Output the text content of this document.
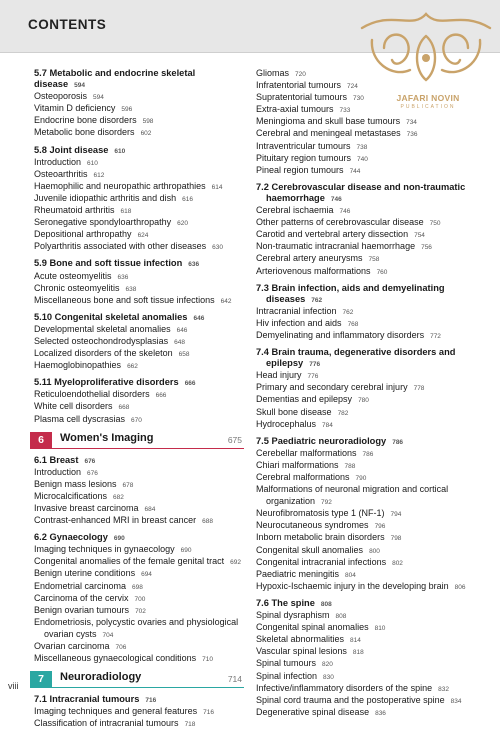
CONTENTS
JAFARI NOVIN
PUBLICATION
5.7 Metabolic and endocrine skeletal disease 594
Osteoporosis 594
Vitamin D deficiency 596
Endocrine bone disorders 598
Metabolic bone disorders 602
5.8 Joint disease 610
Introduction 610
Osteoarthritis 612
Haemophilic and neuropathic arthropathies 614
Juvenile idiopathic arthritis and dish 616
Rheumatoid arthritis 618
Seronegative spondyloarthropathy 620
Depositional arthropathy 624
Polyarthritis associated with other diseases 630
5.9 Bone and soft tissue infection 636
Acute osteomyelitis 636
Chronic osteomyelitis 638
Miscellaneous bone and soft tissue infections 642
5.10 Congenital skeletal anomalies 646
Developmental skeletal anomalies 646
Selected osteochondrodysplasias 648
Localized disorders of the skeleton 658
Haemoglobinopathies 662
5.11 Myeloproliferative disorders 666
Reticuloendothelial disorders 666
White cell disorders 668
Plasma cell dyscrasias 670
6	Women's Imaging	675
6.1 Breast 676
Introduction 676
Benign mass lesions 678
Microcalcifications 682
Invasive breast carcinoma 684
Contrast-enhanced MRI in breast cancer 688
6.2 Gynaecology 690
Imaging techniques in gynaecology 690
Congenital anomalies of the female genital tract 692
Benign uterine conditions 694
Endometrial carcinoma 698
Carcinoma of the cervix 700
Benign ovarian tumours 702
Endometriosis, polycystic ovaries and physiological
ovarian cysts 704
Ovarian carcinoma 706
Miscellaneous gynaecological conditions 710
7	Neuroradiology	714
7.1 Intracranial tumours 716
Imaging techniques and general features 716
Classification of intracranial tumours 718
Gliomas 720
Infratentorial tumours 724
Supratentorial tumours 730
Extra-axial tumours 733
Meningioma and skull base tumours 734
Cerebral and meningeal metastases 736
Intraventricular tumours 738
Pituitary region tumours 740
Pineal region tumours 744
7.2 Cerebrovascular disease and non-traumatic
haemorrhage 746
Cerebral ischaemia 746
Other patterns of cerebrovascular disease 750
Carotid and vertebral artery dissection 754
Non-traumatic intracranial haemorrhage 756
Cerebral artery aneurysms 758
Arteriovenous malformations 760
7.3 Brain infection, aids and demyelinating
diseases 762
Intracranial infection 762
Hiv infection and aids 768
Demyelinating and inflammatory disorders 772
7.4 Brain trauma, degenerative disorders and
epilepsy 776
Head injury 776
Primary and secondary cerebral injury 778
Dementias and epilepsy 780
Skull bone disease 782
Hydrocephalus 784
7.5 Paediatric neuroradiology 786
Cerebellar malformations 786
Chiari malformations 788
Cerebral malformations 790
Malformations of neuronal migration and cortical
organization 792
Neurofibromatosis type 1 (NF-1) 794
Neurocutaneous syndromes 796
Inborn metabolic brain disorders 798
Congenital skull anomalies 800
Congenital intracranial infections 802
Paediatric meningitis 804
Hypoxic-Ischaemic injury in the developing brain 806
7.6 The spine 808
Spinal dysraphism 808
Congenital spinal anomalies 810
Skeletal abnormalities 814
Vascular spinal lesions 818
Spinal tumours 820
Spinal infection 830
Infective/inflammatory disorders of the spine 832
Spinal cord trauma and the postoperative spine 834
Degenerative spinal disease 836
viii
